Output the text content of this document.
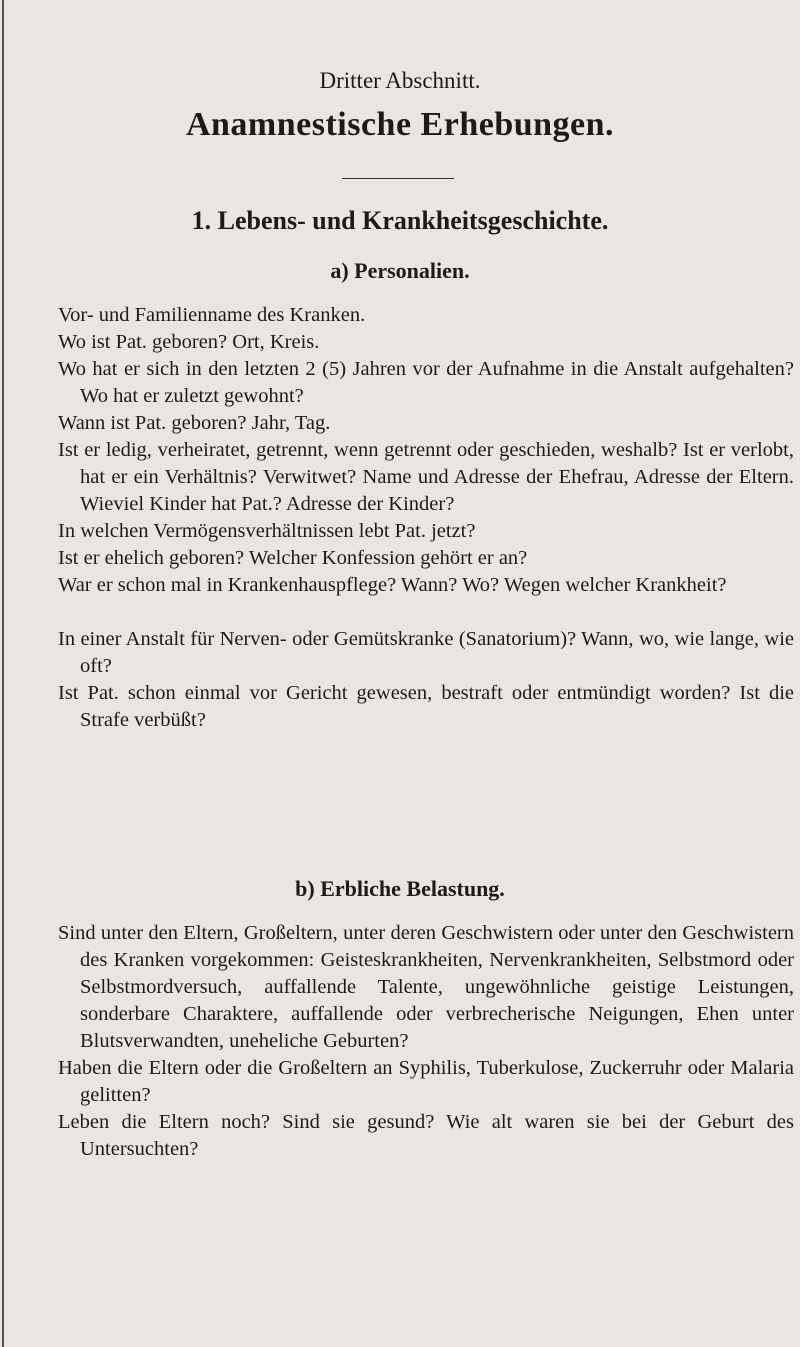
Dritter Abschnitt.
Anamnestische Erhebungen.
1. Lebens- und Krankheitsgeschichte.
a) Personalien.

Vor- und Familienname des Kranken.

Wo ist Pat. geboren? Ort, Kreis.

Wo hat er sich in den letzten 2 (5) Jahren vor der Aufnahme in die Anstalt aufgehalten? Wo hat er zuletzt gewohnt?

Wann ist Pat. geboren? Jahr, Tag.

Ist er ledig, verheiratet, getrennt, wenn getrennt oder geschieden, weshalb? Ist er verlobt, hat er ein Verhältnis? Verwitwet? Name und Adresse der Ehefrau, Adresse der Eltern. Wieviel Kinder hat Pat.? Adresse der Kinder?

In welchen Vermögensverhältnissen lebt Pat. jetzt?

Ist er ehelich geboren? Welcher Konfession gehört er an?

War er schon mal in Krankenhauspflege? Wann? Wo? Wegen welcher Krankheit?

In einer Anstalt für Nerven- oder Gemütskranke (Sanatorium)? Wann, wo, wie lange, wie oft?

Ist Pat. schon einmal vor Gericht gewesen, bestraft oder entmündigt worden? Ist die Strafe verbüßt?

b) Erbliche Belastung.

Sind unter den Eltern, Großeltern, unter deren Geschwistern oder unter den Geschwistern des Kranken vorgekommen: Geisteskrankheiten, Nervenkrankheiten, Selbstmord oder Selbstmordversuch, auffallende Talente, ungewöhnliche geistige Leistungen, sonderbare Charaktere, auffallende oder verbrecherische Neigungen, Ehen unter Blutsverwandten, uneheliche Geburten?

Haben die Eltern oder die Großeltern an Syphilis, Tuberkulose, Zuckerruhr oder Malaria gelitten?

Leben die Eltern noch? Sind sie gesund? Wie alt waren sie bei der Geburt des Untersuchten?
